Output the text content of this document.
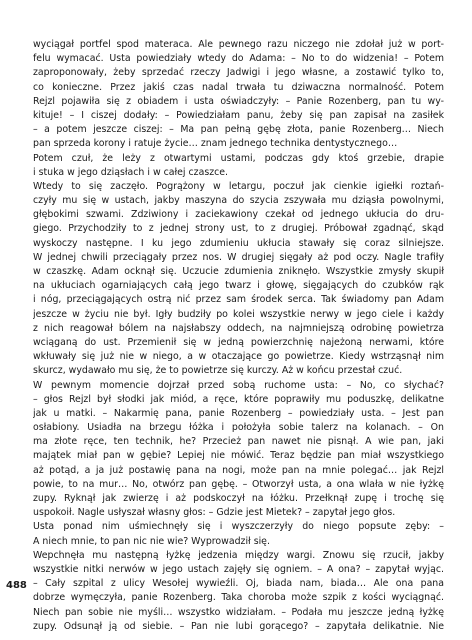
wyciągał portfel spod materaca. Ale pewnego razu niczego nie zdołał już w port-
felu wymacać. Usta powiedziały wtedy do Adama: – No to do widzenia! – Potem
zaproponowały, żeby sprzedać rzeczy Jadwigi i jego własne, a zostawić tylko to,
co konieczne. Przez jakiś czas nadal trwała tu dziwaczna normalność. Potem
Rejzl pojawiła się z obiadem i usta oświadczyły: – Panie Rozenberg, pan tu wy-
kituje! – I ciszej dodały: – Powiedziałam panu, żeby się pan zapisał na zasiłek
– a potem jeszcze ciszej: – Ma pan pełną gębę złota, panie Rozenberg… Niech
pan sprzeda korony i ratuje życie… znam jednego technika dentystycznego…
Potem czuł, że leży z otwartymi ustami, podczas gdy ktoś grzebie, drapie
i stuka w jego dziąsłach i w całej czaszce.
Wtedy to się zaczęło. Pogrążony w letargu, poczuł jak cienkie igiełki roztań-
czyły mu się w ustach, jakby maszyna do szycia zszywała mu dziąsła powolnymi,
głębokimi szwami. Zdziwiony i zaciekawiony czekał od jednego ukłucia do dru-
giego. Przychodziły to z jednej strony ust, to z drugiej. Próbował zgadnąć, skąd
wyskoczy następne. I ku jego zdumieniu ukłucia stawały się coraz silniejsze.
W jednej chwili przeciągały przez nos. W drugiej sięgały aż pod oczy. Nagle trafiły
w czaszkę. Adam ocknął się. Uczucie zdumienia zniknęło. Wszystkie zmysły skupił
na ukłuciach ogarniających całą jego twarz i głowę, sięgających do czubków rąk
i nóg, przeciągających ostrą nić przez sam środek serca. Tak świadomy pan Adam
jeszcze w życiu nie był. Igły budziły po kolei wszystkie nerwy w jego ciele i każdy
z nich reagował bólem na najsłabszy oddech, na najmniejszą odrobinę powietrza
wciąganą do ust. Przemienił się w jedną powierzchnię najeżoną nerwami, które
wkłuwały się już nie w niego, a w otaczające go powietrze. Kiedy wstrząsnął nim
skurcz, wydawało mu się, że to powietrze się kurczy. Aż w końcu przestał czuć.
W pewnym momencie dojrzał przed sobą ruchome usta: – No, co słychać?
– głos Rejzl był słodki jak miód, a ręce, które poprawiły mu poduszkę, delikatne
jak u matki. – Nakarmię pana, panie Rozenberg – powiedziały usta. – Jest pan
osłabiony. Usiadła na brzegu łóżka i położyła sobie talerz na kolanach. – On
ma złote ręce, ten technik, he? Przecież pan nawet nie pisnął. A wie pan, jaki
majątek miał pan w gębie? Lepiej nie mówić. Teraz będzie pan miał wszystkiego
aż potąd, a ja już postawię pana na nogi, może pan na mnie polegać… jak Rejzl
powie, to na mur… No, otwórz pan gębę. – Otworzył usta, a ona wlała w nie łyżkę
zupy. Ryknął jak zwierzę i aż podskoczył na łóżku. Przełknął zupę i trochę się
uspokoił. Nagle usłyszał własny głos: – Gdzie jest Mietek? – zapytał jego głos.
Usta ponad nim uśmiechnęły się i wyszczerzyły do niego popsute zęby: –
A niech mnie, to pan nic nie wie? Wyprowadził się.
Wepchnęła mu następną łyżkę jedzenia między wargi. Znowu się rzucił, jakby
wszystkie nitki nerwów w jego ustach zajęły się ogniem. – A ona? – zapytał wyjąc.
– Cały szpital z ulicy Wesołej wywieźli. Oj, biada nam, biada… Ale ona pana
dobrze wymęczyła, panie Rozenberg. Taka choroba może szpik z kości wyciągnąć.
Niech pan sobie nie myśli… wszystko widziałam. – Podała mu jeszcze jedną łyżkę
zupy. Odsunął ją od siebie. – Pan nie lubi gorącego? – zapytała delikatnie. Nie
488
